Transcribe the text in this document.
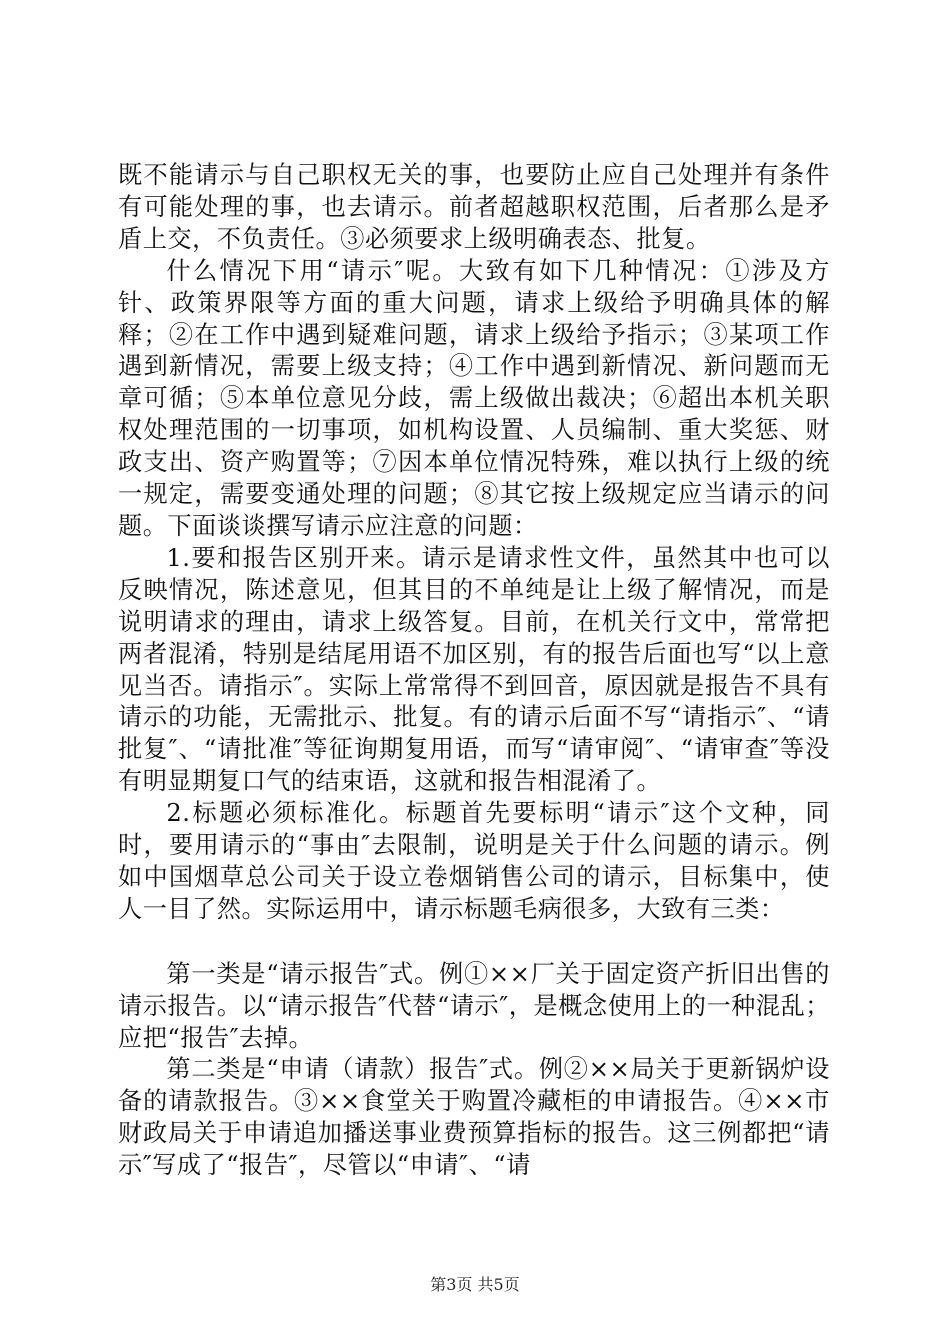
既不能请示与自己职权无关的事，也要防止应自己处理并有条件有可能处理的事，也去请示。前者超越职权范围，后者那么是矛盾上交，不负责任。③必须要求上级明确表态、批复。

什么情况下用“请示″呢。大致有如下几种情况：①涉及方针、政策界限等方面的重大问题，请求上级给予明确具体的解释；②在工作中遇到疑难问题，请求上级给予指示；③某项工作遇到新情况，需要上级支持；④工作中遇到新情况、新问题而无章可循；⑤本单位意见分歧，需上级做出裁决；⑥超出本机关职权处理范围的一切事项，如机构设置、人员编制、重大奖惩、财政支出、资产购置等；⑦因本单位情况特殊，难以执行上级的统一规定，需要变通处理的问题；⑧其它按上级规定应当请示的问题。下面谈谈撰写请示应注意的问题：

1.要和报告区别开来。请示是请求性文件，虽然其中也可以反映情况，陈述意见，但其目的不单纯是让上级了解情况，而是说明请求的理由，请求上级答复。目前，在机关行文中，常常把两者混淆，特别是结尾用语不加区别，有的报告后面也写“以上意见当否。请指示″。实际上常常得不到回音，原因就是报告不具有请示的功能，无需批示、批复。有的请示后面不写“请指示″、“请批复″、“请批准″等征询期复用语，而写“请审阅″、“请审查″等没有明显期复口气的结束语，这就和报告相混淆了。

2.标题必须标准化。标题首先要标明“请示″这个文种，同时，要用请示的“事由″去限制，说明是关于什么问题的请示。例如中国烟草总公司关于设立卷烟销售公司的请示，目标集中，使人一目了然。实际运用中，请示标题毛病很多，大致有三类：

第一类是“请示报告″式。例①××厂关于固定资产折旧出售的请示报告。以“请示报告″代替“请示″，是概念使用上的一种混乱；应把“报告″去掉。

第二类是“申请（请款）报告″式。例②××局关于更新锅炉设备的请款报告。③××食堂关于购置冷藏柜的申请报告。④××市财政局关于申请追加播送事业费预算指标的报告。这三例都把“请示″写成了“报告″，尽管以“申请″、“请

第3页 共5页
